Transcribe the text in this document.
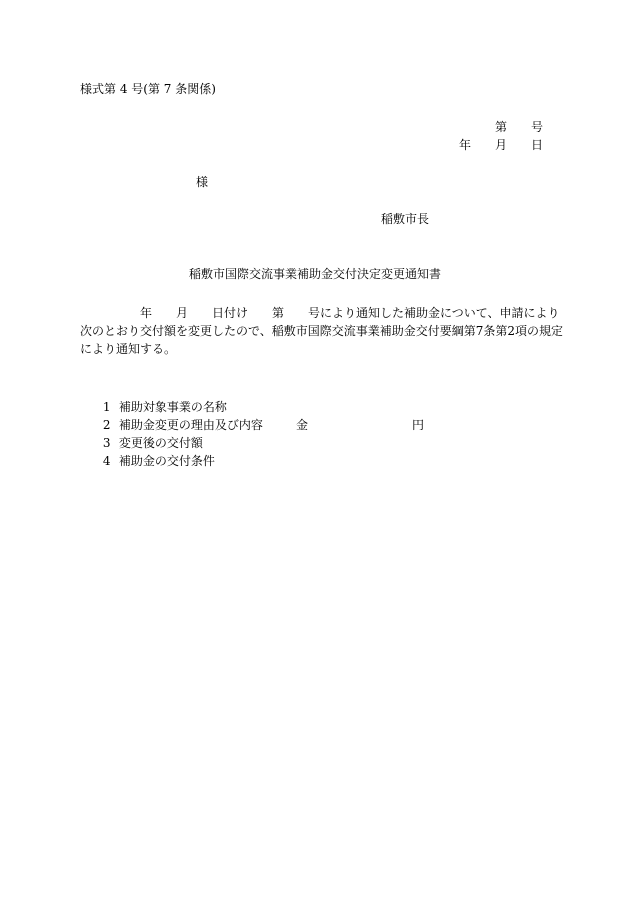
様式第 4 号(第 7 条関係)
第　　号
年　　月　　日
様
稲敷市長
稲敷市国際交流事業補助金交付決定変更通知書
　　　　　年　　月　　日付け　　第　　号により通知した補助金について、申請により
次のとおり交付額を変更したので、稲敷市国際交流事業補助金交付要綱第7条第2項の規定
により通知する。

1 補助対象事業の名称

2 補助金変更の理由及び内容

3 変更後の交付額

金

	円

4 補助金の交付条件
